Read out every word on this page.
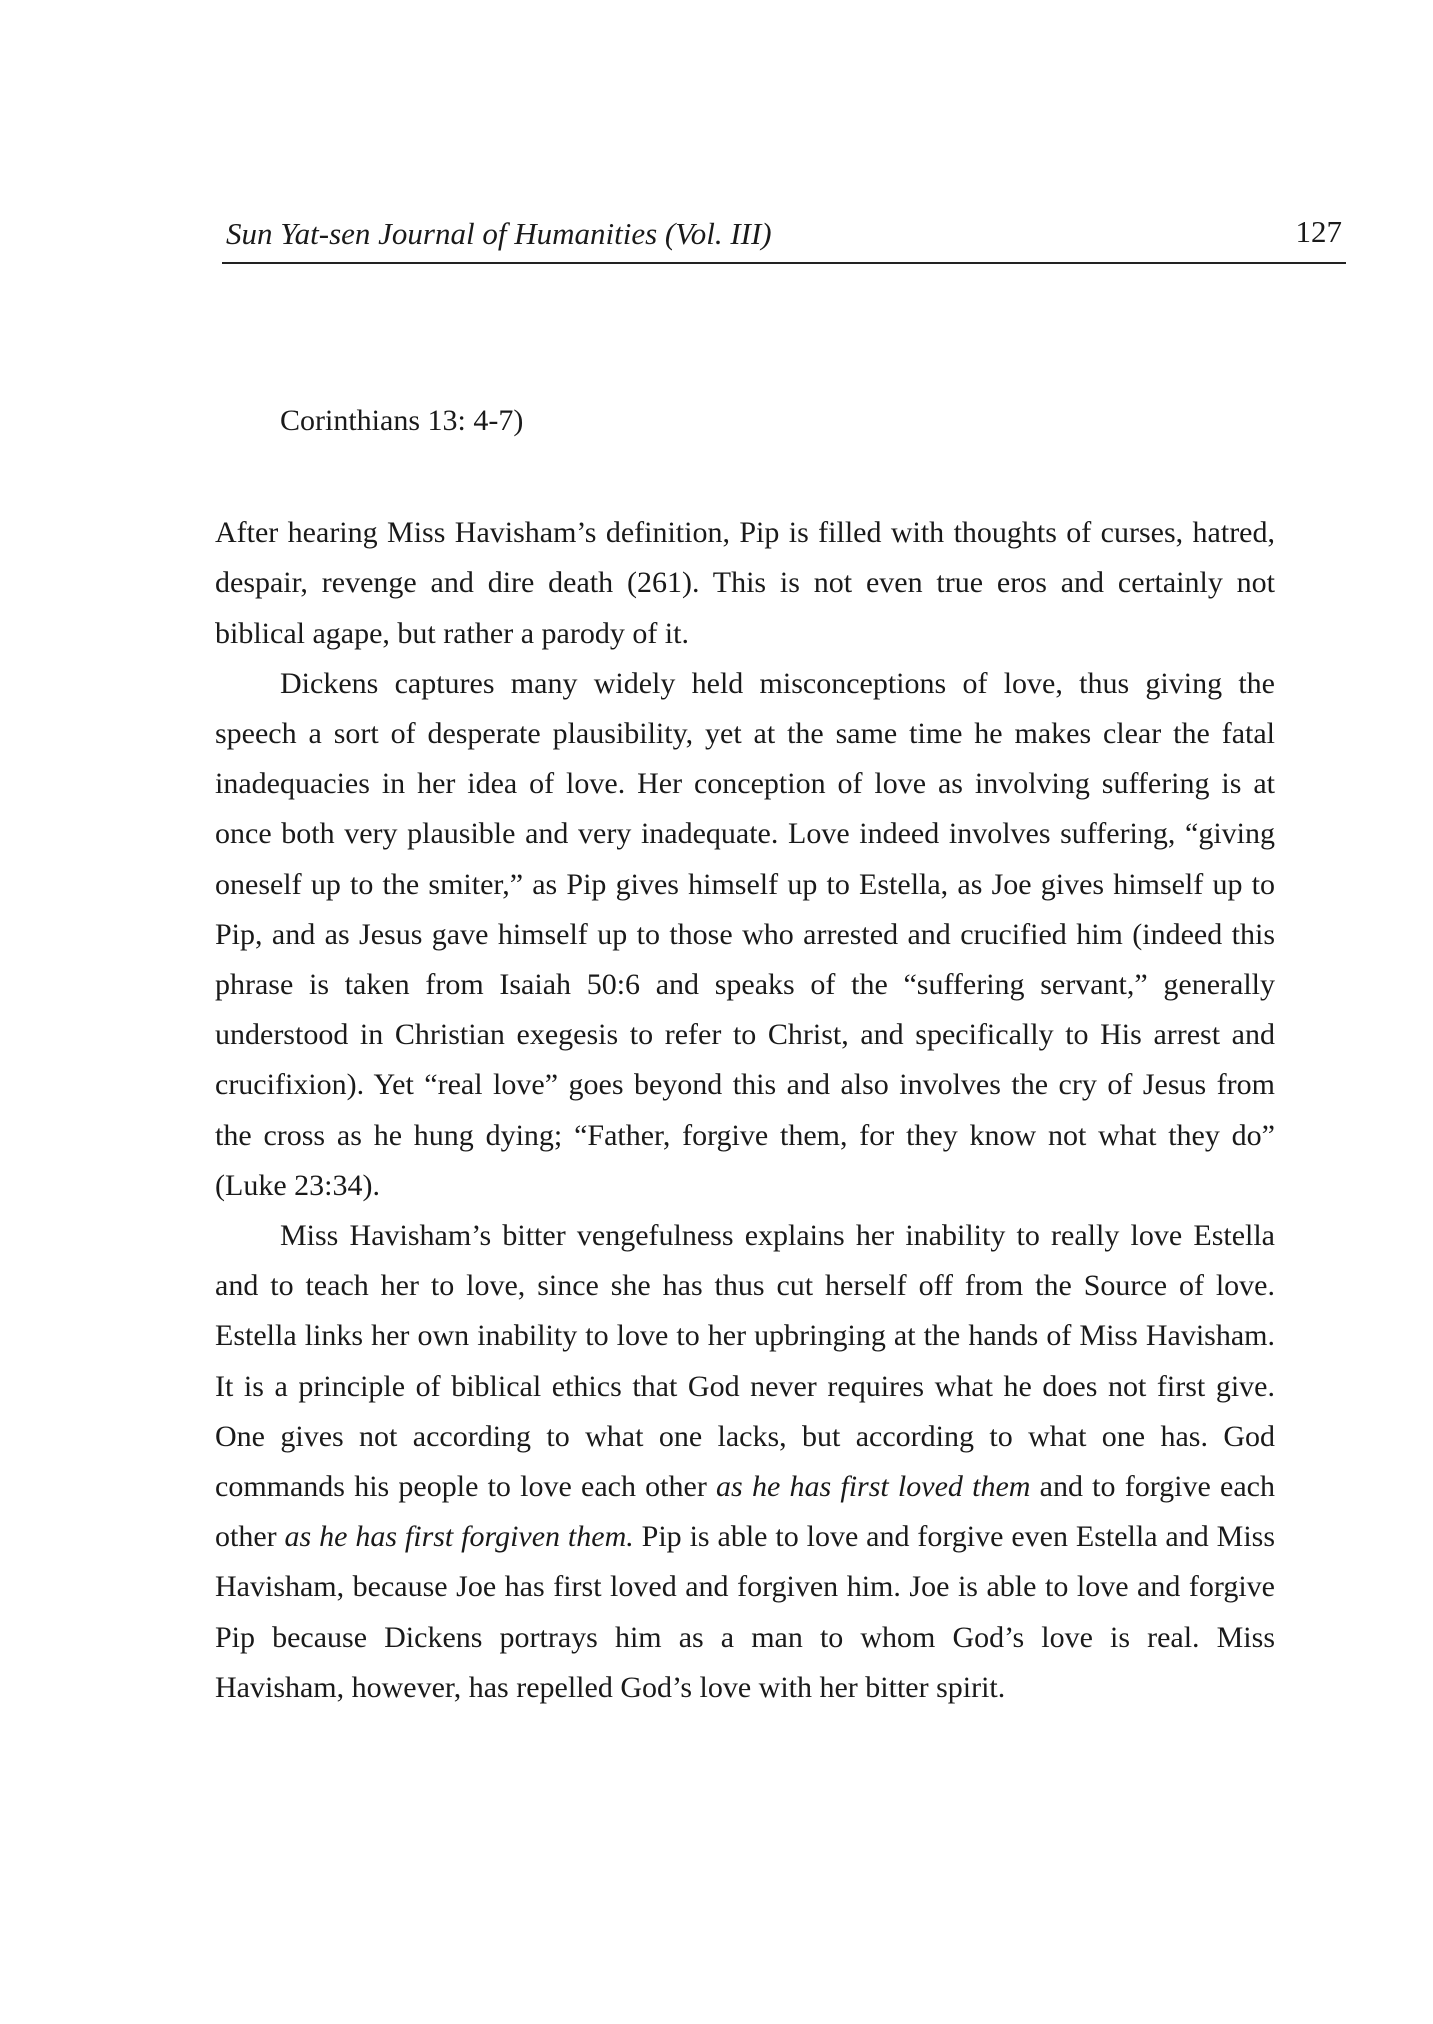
Sun Yat-sen Journal of Humanities (Vol. III)	127

Corinthians 13: 4-7)

After hearing Miss Havisham’s definition, Pip is filled with thoughts of curses, hatred, despair, revenge and dire death (261). This is not even true eros and certainly not biblical agape, but rather a parody of it.

Dickens captures many widely held misconceptions of love, thus giving the speech a sort of desperate plausibility, yet at the same time he makes clear the fatal inadequacies in her idea of love. Her conception of love as involving suffering is at once both very plausible and very inadequate. Love indeed involves suffering, “giving oneself up to the smiter,” as Pip gives himself up to Estella, as Joe gives himself up to Pip, and as Jesus gave himself up to those who arrested and crucified him (indeed this phrase is taken from Isaiah 50:6 and speaks of the “suffering servant,” generally understood in Christian exegesis to refer to Christ, and specifically to His arrest and crucifixion). Yet “real love” goes beyond this and also involves the cry of Jesus from the cross as he hung dying; “Father, forgive them, for they know not what they do” (Luke 23:34).

Miss Havisham’s bitter vengefulness explains her inability to really love Estella and to teach her to love, since she has thus cut herself off from the Source of love. Estella links her own inability to love to her upbringing at the hands of Miss Havisham. It is a principle of biblical ethics that God never requires what he does not first give. One gives not according to what one lacks, but according to what one has. God commands his people to love each other as he has first loved them and to forgive each other as he has first forgiven them. Pip is able to love and forgive even Estella and Miss Havisham, because Joe has first loved and forgiven him. Joe is able to love and forgive Pip because Dickens portrays him as a man to whom God’s love is real. Miss Havisham, however, has repelled God’s love with her bitter spirit.
